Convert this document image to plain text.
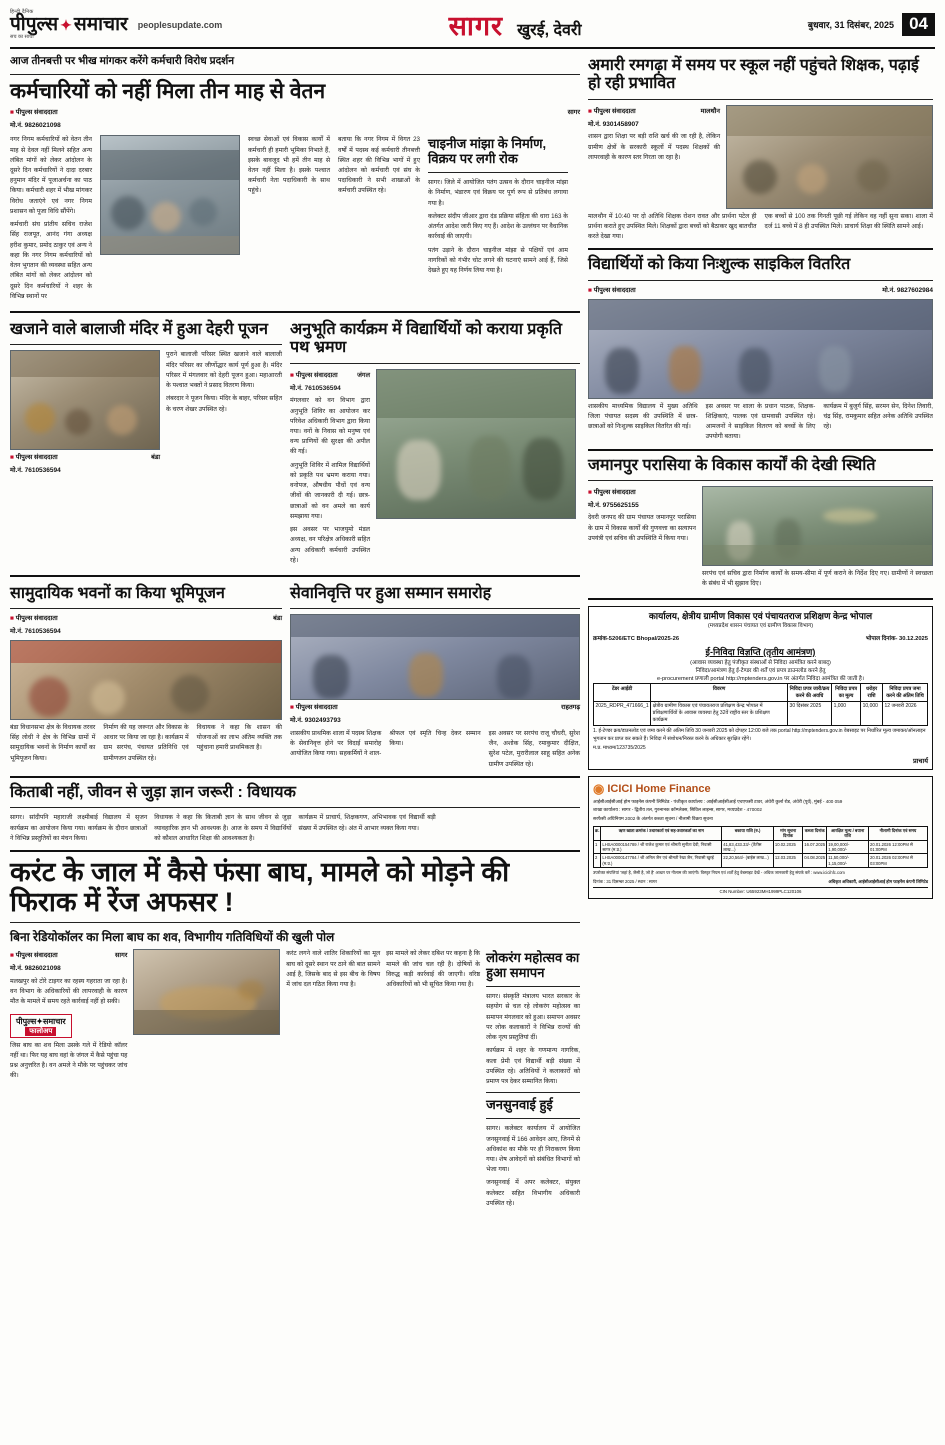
हिन्दी दैनिक
पीपुल्स ✦ समाचार
सच का साथी
peoplesupdate.com	सागर खुरई, देवरी	बुधवार, 31 दिसंबर, 2025 04
आज तीनबत्ती पर भीख मांगकर करेंगे कर्मचारी विरोध प्रदर्शन
कर्मचारियों को नहीं मिला तीन माह से वेतन
■ पीपुल्स संवाददाता	सागर
मो.नं. 9826021098

नगर निगम कर्मचारियों को वेतन तीन माह से देवल नहीं मिलने सहित अन्य लंबित मांगों को लेकर आंदोलन के दूसरे दिन कर्मचारियों ने दादा दरबार हनुमान मंदिर में पूजाअर्चना का पाठ किया। कर्मचारी शहर में भीख मांगकर विरोध जताएंगे एवं नगर निगम प्रशासन को पूजा विधि सौंपेंगे।

कर्मचारी संघ प्रांतीय सचिव राजेश सिंह राजपूत, आनंद गंगा अध्यक्ष हरीश कुमार, प्रमोद ठाकुर एवं अन्य ने कहा कि नगर निगम कर्मचारियों को वेतन भुगतान की व्यवस्था सहित अन्य लंबित मांगों को लेकर आंदोलन को दूसरे दिन कर्मचारियों ने शहर के विभिन्न स्थानों पर

स्वच्छ सेवाओं एवं विकास कार्यों में कर्मचारी ही हमारी भूमिका निभाते हैं, इसके बावजूद भी हमें तीन माह से वेतन नहीं मिला है। इसके पश्चात कर्मचारी नेता पदाधिकारी के साथ पहुंचे।

बताया कि नगर निगम में विगत 23 वर्षों में पदस्थ कई कर्मचारी तीनबत्ती स्थित शहर की विभिन्न भागों में हुए आंदोलन को कर्मचारी एवं संघ के पदाधिकारी ने सभी शाखाओं के कर्मचारी उपस्थित रहे।

चाइनीज मांझा के निर्माण, विक्रय पर लगी रोक

सागर। जिले में आयोजित पतंग उत्सव के दौरान चाइनीज मांझा के निर्माण, भंडारण एवं विक्रय पर पूर्ण रूप से प्रतिबंध लगाया गया है।

कलेक्टर संदीप जीआर द्वारा दंड प्रक्रिया संहिता की धारा 163 के अंतर्गत आदेश जारी किए गए हैं। आदेश के उल्लंघन पर वैधानिक कार्रवाई की जाएगी।

पतंग उड़ाने के दौरान चाइनीज मांझा से पक्षियों एवं आम नागरिकों को गंभीर चोट लगने की घटनाएं सामने आई हैं, जिसे देखते हुए यह निर्णय लिया गया है।

खजाने वाले बालाजी मंदिर में हुआ देहरी पूजन
■ पीपुल्स संवाददाता	बंडा
मो.नं. 7610536594

पुराने बालाजी परिसर स्थित खजाने वाले बालाजी मंदिर परिसर का जीर्णोद्धार कार्य पूर्ण हुआ है। मंदिर परिसर में मंगलवार को देहरी पूजन हुआ। महाआरती के पश्चात भक्तों ने प्रसाद वितरण किया।

लंबरदार ने पूजन किया। मंदिर के बाहर, परिसर सहित के चरण शेखर उपस्थित रहे।

अनुभूति कार्यक्रम में विद्यार्थियों को कराया प्रकृति पथ भ्रमण
■ पीपुल्स संवाददाता	जंगल
मो.नं. 7610536594

मंगलवार को वन विभाग द्वारा अनुभूति शिविर का आयोजन कर परिवेश अधिकारी विभाग द्वारा किया गया। वनों के निवास को मनुष्य एवं वन्य प्राणियों की सुरक्षा की अपील की गई।

अनुभूति शिविर में शामिल विद्यार्थियों को प्रकृति पथ भ्रमण कराया गया। वनोपज, औषधीय पौधों एवं वन्य जीवों की जानकारी दी गई। छात्र-छात्राओं को वन अमले का कार्य समझाया गया।

इस अवसर पर भाजयुमो मंडल अध्यक्ष, वन परिक्षेत्र अधिकारी सहित अन्य अधिकारी कर्मचारी उपस्थित रहे।

सामुदायिक भवनों का किया भूमिपूजन
■ पीपुल्स संवाददाता	बंडा
मो.नं. 7610536594

बंडा विधानसभा क्षेत्र के विधायक तरवर सिंह लोधी ने क्षेत्र के विभिन्न ग्रामों में सामुदायिक भवनों के निर्माण कार्यों का भूमिपूजन किया।

निर्माण की यह जरूरत और विकास के आधार पर किया जा रहा है। कार्यक्रम में ग्राम सरपंच, पंचायत प्रतिनिधि एवं ग्रामीणजन उपस्थित रहे।

विधायक ने कहा कि शासन की योजनाओं का लाभ अंतिम व्यक्ति तक पहुंचाना हमारी प्राथमिकता है।

सेवानिवृत्ति पर हुआ सम्मान समारोह
■ पीपुल्स संवाददाता	राहतगढ़
मो.नं. 9302493793

शासकीय प्राथमिक शाला में पदस्थ शिक्षक के सेवानिवृत्त होने पर विदाई समारोह आयोजित किया गया। सहकर्मियों ने शाल-श्रीफल एवं स्मृति चिन्ह देकर सम्मान किया।

इस अवसर पर सरपंच राजू चौधरी, सुरेश जैन, अशोक सिंह, रमाकुमार दीक्षित, सुरेश पटेल, मुरारीलाल साहू सहित अनेक ग्रामीण उपस्थित रहे।

किताबी नहीं, जीवन से जुड़ा ज्ञान जरूरी : विधायक

सागर। सांदीपनि महाराजी लक्ष्मीबाई विद्यालय में सृजन कार्यक्रम का आयोजन किया गया। कार्यक्रम के दौरान छात्राओं ने विभिन्न प्रस्तुतियों का मंचन किया।

विधायक ने कहा कि किताबी ज्ञान के साथ जीवन से जुड़ा व्यावहारिक ज्ञान भी आवश्यक है। आज के समय में विद्यार्थियों को कौशल आधारित शिक्षा की आवश्यकता है।

कार्यक्रम में प्राचार्य, शिक्षकगण, अभिभावक एवं विद्यार्थी बड़ी संख्या में उपस्थित रहे। अंत में आभार व्यक्त किया गया।

करंट के जाल में कैसे फंसा बाघ, मामले को मोड़ने की फिराक में रेंज अफसर !
बिना रेडियोकॉलर का मिला बाघ का शव, विभागीय गतिविधियों की खुली पोल
■ पीपुल्स संवाददाता	सागर
मो.नं. 9826021098

मलखपुर को टोरे टाइगर का रहस्य गहराता जा रहा है। वन विभाग के अधिकारियों की लापरवाही के कारण मौत के मामले में समय रहते कार्रवाई नहीं हो सकी।

पीपुल्स✦समाचार
फालोअप

जिस बाघ का शव मिला उसके गले में रेडियो कॉलर नहीं था। फिर यह बाघ वहां के जंगल में कैसे पहुंचा यह प्रश्न अनुत्तरित है। वन अमले ने मौके पर पहुंचकर जांच की।

करंट लगने वाले शातिर शिकारियों का मूल बाघ को दूसरे स्थान पर ठाने की बात सामने आई है, जिसके बाद से इस बीच के विषय में जांच दल गठित किया गया है।

इस मामले को लेकर दबिश पर कहना है कि मामले की जांच चल रही है। दोषियों के विरुद्ध कड़ी कार्रवाई की जाएगी। वरिष्ठ अधिकारियों को भी सूचित किया गया है।

लोकरंग महोत्सव का हुआ समापन

सागर। संस्कृति मंत्रालय भारत सरकार के सहयोग से चल रहे लोकरंग महोत्सव का समापन मंगलवार को हुआ। समापन अवसर पर लोक कलाकारों ने विभिन्न राज्यों की लोक नृत्य प्रस्तुतियां दीं।

कार्यक्रम में शहर के गणमान्य नागरिक, कला प्रेमी एवं विद्यार्थी बड़ी संख्या में उपस्थित रहे। अतिथियों ने कलाकारों को प्रमाण पत्र देकर सम्मानित किया।

जनसुनवाई हुई

सागर। कलेक्टर कार्यालय में आयोजित जनसुनवाई में 166 आवेदन आए, जिनमें से अधिकांश का मौके पर ही निराकरण किया गया। शेष आवेदनों को संबंधित विभागों को भेजा गया।

जनसुनवाई में अपर कलेक्टर, संयुक्त कलेक्टर सहित विभागीय अधिकारी उपस्थित रहे।

अमारी रमगढ़ा में समय पर स्कूल नहीं पहुंचते शिक्षक, पढ़ाई हो रही प्रभावित
■ पीपुल्स संवाददाता	मालथौन
मो.नं. 9301458907

शासन द्वारा शिक्षा पर बड़ी राशि खर्च की जा रही है, लेकिन ग्रामीण क्षेत्रों के सरकारी स्कूलों में पदस्थ शिक्षकों की लापरवाही के कारण स्तर गिरता जा रहा है।

मालथौन में 10:40 पर दो अतिथि शिक्षक रोशन रावत और प्रार्थना पटेल ही प्रार्थना कराते हुए उपस्थित मिले। शिक्षकों द्वारा बच्चों को बैठाकर खुद बातचीत करते देखा गया।

एक बच्चों से 100 तक गिनती पूछी गई लेकिन वह नहीं सुना सका। शाला में दर्ज 11 बच्चे में 8 ही उपस्थित मिले। प्राचार्य शिक्षा की स्थिति सामने आई।

विद्यार्थियों को किया निःशुल्क साइकिल वितरित
■ पीपुल्स संवाददाता	मो.नं. 9827602984

शासकीय माध्यमिक विद्यालय में मुख्य अतिथि जिला पंचायत सदस्य की उपस्थिति में छात्र-छात्राओं को निःशुल्क साइकिल वितरित की गई।

इस अवसर पर शाला के प्रधान पाठक, शिक्षक-शिक्षिकाएं, पालक एवं ग्रामवासी उपस्थित रहे। आमजनों ने साइकिल वितरण को बच्चों के लिए उपयोगी बताया।

कार्यक्रम में बुजुर्ग सिंह, सरमन सेन, दिनेश तिवारी, चंद्र सिंह, रामकुमार सहित अनेक अतिथि उपस्थित रहे।

जमानपुर परासिया के विकास कार्यों की देखी स्थिति
■ पीपुल्स संवाददाता
मो.नं. 9755625155

देवरी जनपद की ग्राम पंचायत जमानपुर परासिया के ग्राम में विकास कार्यों की गुणवत्ता का सत्यापन उपयंत्री एवं सचिव की उपस्थिति में किया गया।

सरपंच एवं सचिव द्वारा निर्माण कार्यों के समय-सीमा में पूर्ण कराने के निर्देश दिए गए। ग्रामीणों ने स्वच्छता के संबंध में भी सुझाव दिए।

कार्यालय, क्षेत्रीय ग्रामीण विकास एवं पंचायतराज प्रशिक्षण केन्द्र भोपाल
(मध्यप्रदेश शासन पंचायत एवं ग्रामीण विकास विभाग)
क्रमांक-5206/ETC Bhopal/2025-26	भोपाल दिनांक- 30.12.2025
ई-निविदा विज्ञप्ति (तृतीय आमंत्रण)
(आवास व्यवस्था हेतु पंजीकृत संस्थाओं से निविदा आमंत्रित करने बाबद्)
निविदा/आमंत्रण हेतु ई-टेण्डर की शर्तें एवं प्रपत्र डाउनलोड करने हेतु
e-procurement प्रणाली portal http://mptenders.gov.in पर अंतर्गत निविदा आमंत्रित की जाती है।
टेंडर आईडी	विवरण	निविदा प्रपत्र जारी/क्रय करने की अवधि	निविदा प्रपत्र का मूल्य	धरोहर राशि	निविदा प्रपत्र जमा करने की अंतिम तिथि
2025_RDPR_471666_1	क्षेत्रीय ग्रामीण विकास एवं पंचायतराज प्रशिक्षण केन्द्र भोपाल में प्रशिक्षणार्थियों के आवास व्यवस्था हेतु 32वें राष्ट्रीय स्तर के प्रशिक्षण कार्यक्रम	30 दिसंबर 2025	1,000	10,000	12 जनवरी 2026
1. ई-टेण्डर क्रय/डाउनलोड एवं जमा करने की अंतिम तिथि 30 जनवरी 2025 को दोपहर 12:00 बजे तक portal http://mptenders.gov.in वेबसाइट पर निर्धारित मूल्य जमाकर/ऑनलाइन भुगतान कर प्राप्त कर सकते हैं। निविदा में संशोधन/निरस्त करने के अधिकार सुरक्षित रहेंगे।
म.प्र. माध्यम/123735/2025
प्राचार्य
◉ ICICI Home Finance
आईसीआईसीआई होम फाइनेंस कंपनी लिमिटेड - पंजीकृत कार्यालय : आईसीआईसीआई एचएफसी टावर, अंधेरी कुर्ला रोड, अंधेरी (पूर्व), मुंबई - 400 059
शाखा कार्यालय : सागर - द्वितीय तल, गुरुनानक कॉम्प्लेक्स, सिविल लाइन्स, सागर, मध्यप्रदेश - 470002
सरफैसी अधिनियम 2002 के अंतर्गत कब्जा सूचना / नीलामी विक्रय सूचना
क्र.	ऋण खाता क्रमांक / उधारकर्ता एवं सह-उधारकर्ता का नाम	बकाया राशि (रु.)	मांग सूचना दिनांक	कब्जा दिनांक	आरक्षित मूल्य / बयाना राशि	नीलामी दिनांक एवं समय
1	LHSA0000154789 / श्री राजेश कुमार एवं श्रीमती सुनीता देवी, निवासी सागर (म.प्र.)	41,83,433.33/- (तैतीस लाख...)	10.02.2025	16.07.2025	19,00,000/- 1,90,000/-	20.01.2026 12:00PM से 01:00PM
2	LHSA0000147784 / श्री अनिल जैन एवं श्रीमती रेखा जैन, निवासी खुरई (म.प्र.)	22,20,564/- (बाईस लाख...)	12.03.2025	04.08.2025	11,50,000/- 1,15,000/-	20.01.2026 02:00PM से 03:00PM
उपरोक्त संपत्तियां 'जहां है, जैसी है, जो है' आधार पर नीलाम की जाएंगी। विस्तृत नियम एवं शर्तों हेतु वेबसाइट देखें - अधिक जानकारी हेतु संपर्क करें : www.icicihfc.com
दिनांक : 31 दिसम्बर 2025 / स्थान : सागर	अधिकृत अधिकारी, आईसीआईसीआई होम फाइनेंस कंपनी लिमिटेड
CIN Number: U65923MH1999PLC120106
